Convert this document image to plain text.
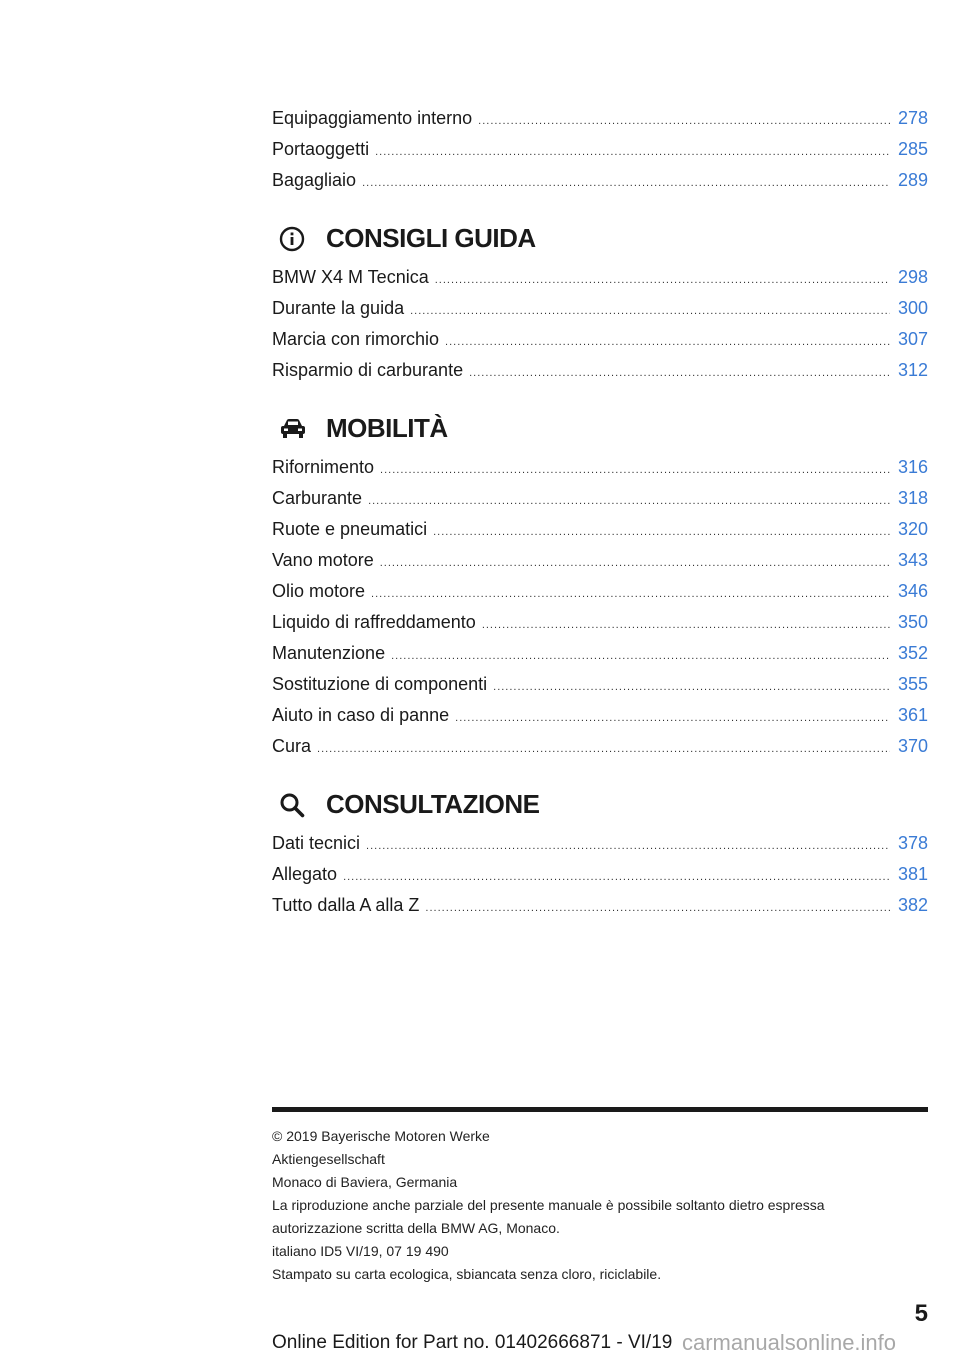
Equipaggiamento interno .....	278
Portaoggetti .....	285
Bagagliaio .....	289
CONSIGLI GUIDA
BMW X4 M Tecnica .....	298
Durante la guida .....	300
Marcia con rimorchio .....	307
Risparmio di carburante .....	312
MOBILITÀ
Rifornimento .....	316
Carburante .....	318
Ruote e pneumatici .....	320
Vano motore .....	343
Olio motore .....	346
Liquido di raffreddamento .....	350
Manutenzione .....	352
Sostituzione di componenti .....	355
Aiuto in caso di panne .....	361
Cura .....	370
CONSULTAZIONE
Dati tecnici .....	378
Allegato .....	381
Tutto dalla A alla Z .....	382
© 2019 Bayerische Motoren Werke
Aktiengesellschaft
Monaco di Baviera, Germania
La riproduzione anche parziale del presente manuale è possibile soltanto dietro espressa
autorizzazione scritta della BMW AG, Monaco.
italiano ID5 VI/19, 07 19 490
Stampato su carta ecologica, sbiancata senza cloro, riciclabile.
5
Online Edition for Part no. 01402666871 - VI/19 carmanualsonline.info
